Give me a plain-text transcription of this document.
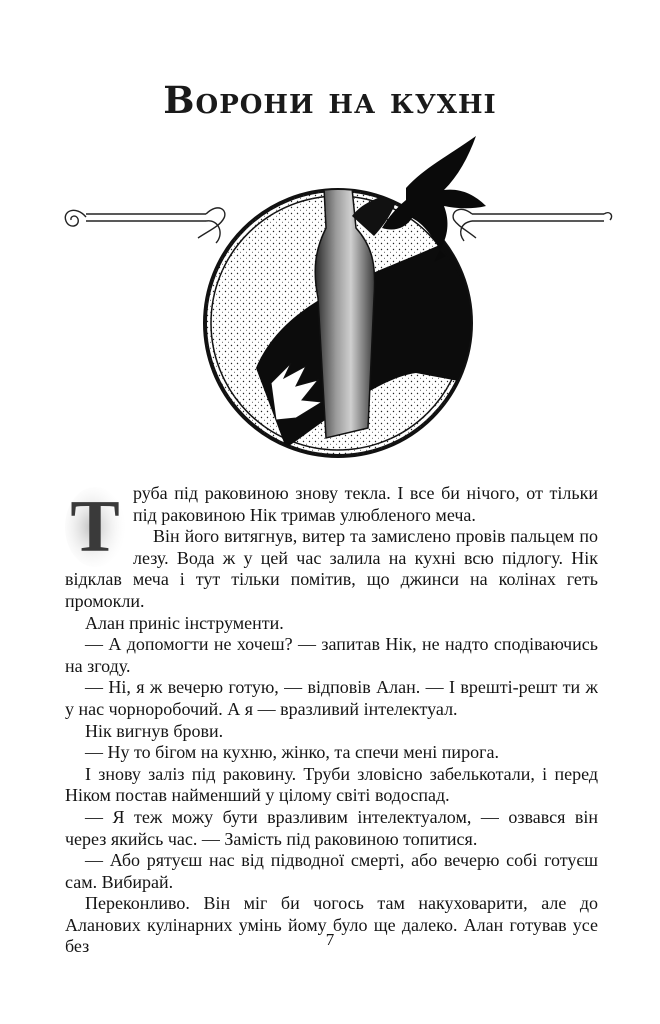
Ворони на кухні
Т руба під раковиною знову текла. І все би нічого, от тільки під раковиною Нік тримав улюбленого меча.

Він його витягнув, витер та замислено провів пальцем по лезу. Вода ж у цей час залила на кухні всю підлогу. Нік відклав меча і тут тільки помітив, що джинси на колінах геть промокли.

Алан приніс інструменти.

— А допомогти не хочеш? — запитав Нік, не надто сподіваючись на згоду.

— Ні, я ж вечерю готую, — відповів Алан. — І врешті-решт ти ж у нас чорноробочий. А я — вразливий інтелектуал.

Нік вигнув брови.

— Ну то бігом на кухню, жінко, та спечи мені пирога.

І знову заліз під раковину. Труби зловісно забелькотали, і перед Ніком постав найменший у цілому світі водоспад.

— Я теж можу бути вразливим інтелектуалом, — озвався він через якийсь час. — Замість під раковиною топитися.

— Або рятуєш нас від підводної смерті, або вечерю собі готуєш сам. Вибирай.

Переконливо. Він міг би чогось там накуховарити, але до Аланових кулінарних умінь йому було ще далеко. Алан готував усе без	7
